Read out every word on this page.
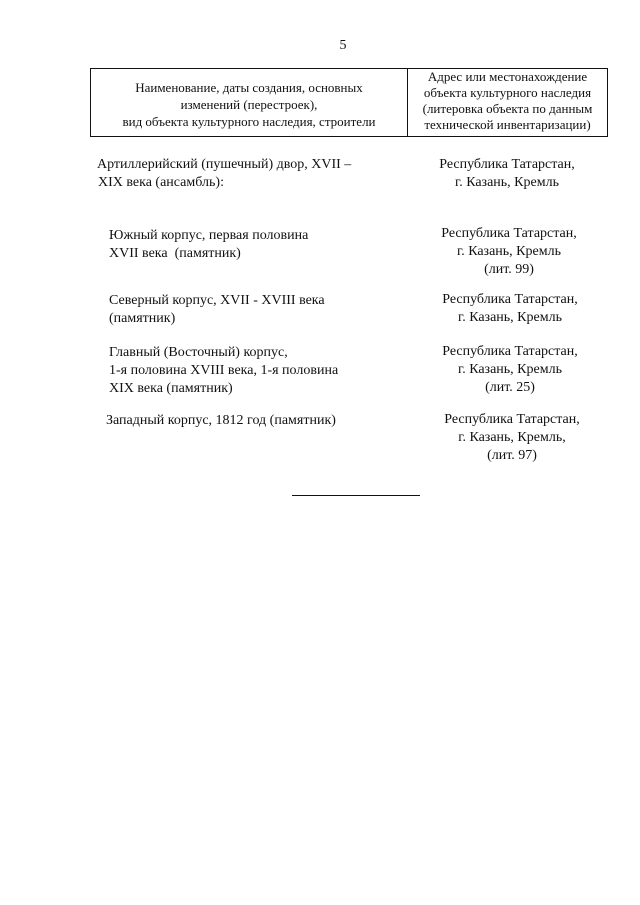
5
Наименование, даты создания, основных
изменений (перестроек),
вид объекта культурного наследия, строители
Адрес или местонахождение
объекта культурного наследия
(литеровка объекта по данным
технической инвентаризации)
Артиллерийский (пушечный) двор, XVII –
XIX века (ансамбль):
Республика Татарстан,
г. Казань, Кремль
Южный корпус, первая половина
XVII века  (памятник)
Республика Татарстан,
г. Казань, Кремль
(лит. 99)
Северный корпус, XVII - XVIII века
(памятник)
Республика Татарстан,
г. Казань, Кремль
Главный (Восточный) корпус,
1-я половина XVIII века, 1-я половина
XIX века (памятник)
Республика Татарстан,
г. Казань, Кремль
(лит. 25)
Западный корпус, 1812 год (памятник)	Республика Татарстан,
г. Казань, Кремль,
(лит. 97)
